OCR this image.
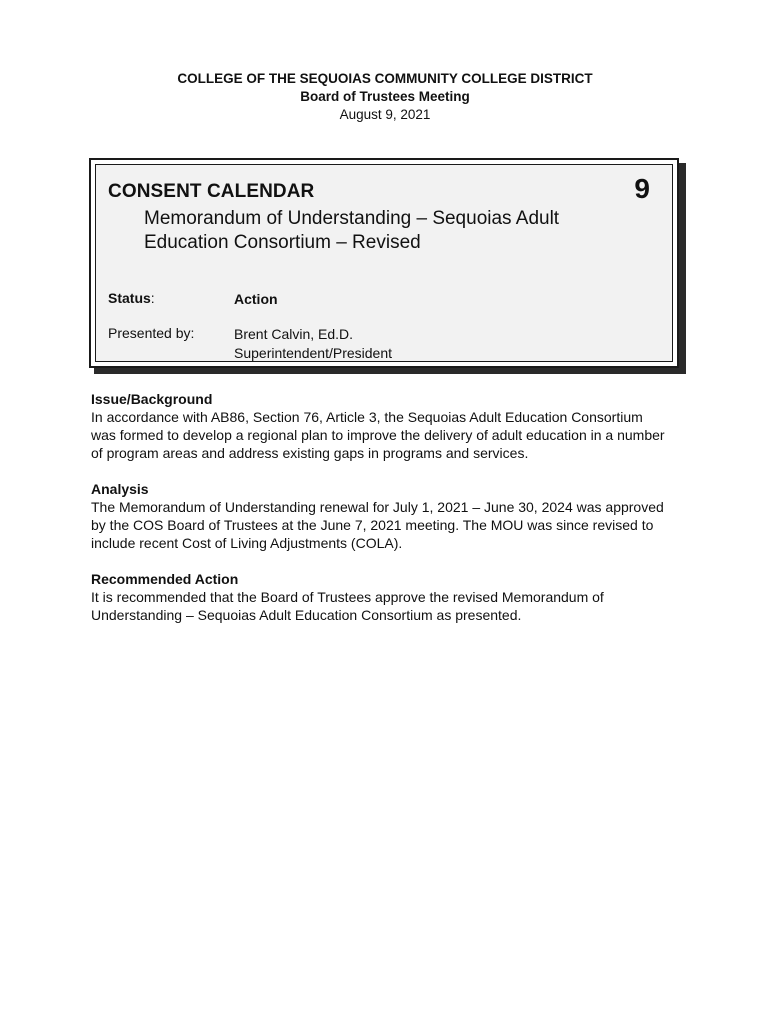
COLLEGE OF THE SEQUOIAS COMMUNITY COLLEGE DISTRICT
Board of Trustees Meeting
August 9, 2021
CONSENT CALENDAR	9
Memorandum of Understanding – Sequoias Adult
Education Consortium – Revised
Status:	Action
Presented by:	Brent Calvin, Ed.D.
Superintendent/President
Issue/Background

In accordance with AB86, Section 76, Article 3, the Sequoias Adult Education Consortium was formed to develop a regional plan to improve the delivery of adult education in a number of program areas and address existing gaps in programs and services.

Analysis

The Memorandum of Understanding renewal for July 1, 2021 – June 30, 2024 was approved by the COS Board of Trustees at the June 7, 2021 meeting. The MOU was since revised to include recent Cost of Living Adjustments (COLA).

Recommended Action

It is recommended that the Board of Trustees approve the revised Memorandum of Understanding – Sequoias Adult Education Consortium as presented.
